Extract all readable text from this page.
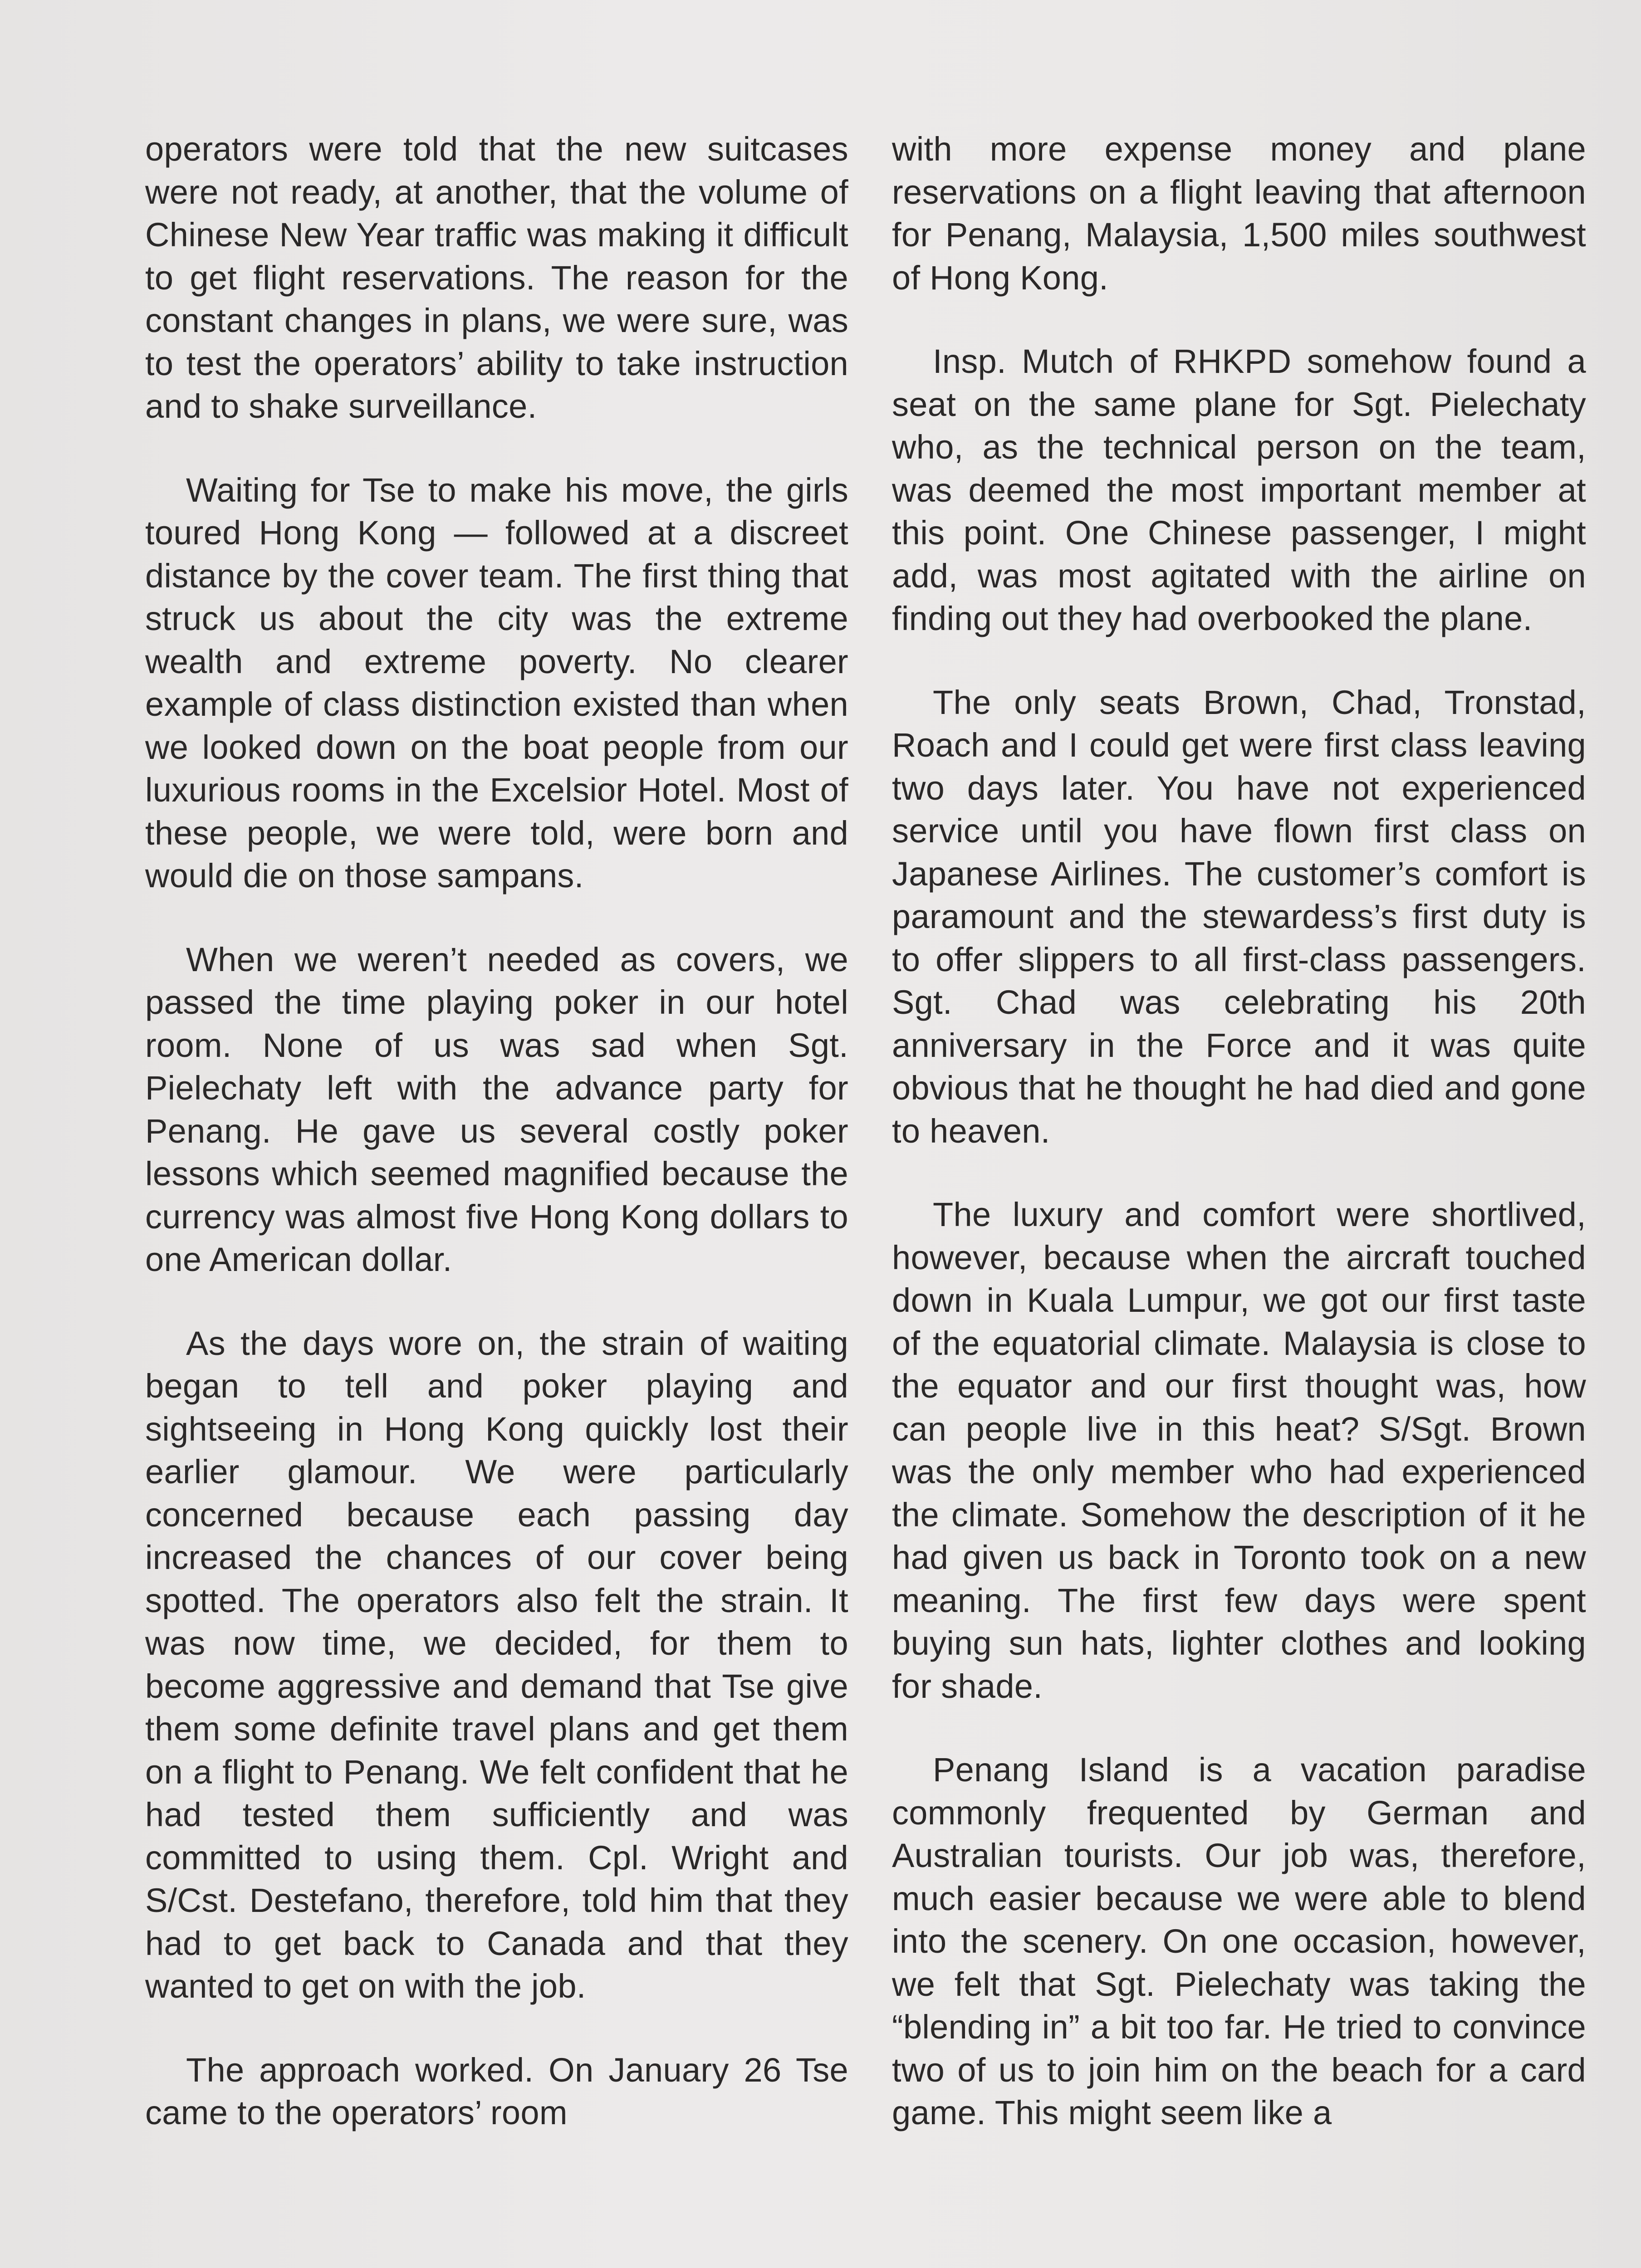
operators were told that the new suitcases were not ready, at another, that the volume of Chinese New Year traffic was making it difficult to get flight reservations. The reason for the constant changes in plans, we were sure, was to test the operators’ ability to take instruction and to shake surveillance.

Waiting for Tse to make his move, the girls toured Hong Kong — followed at a discreet distance by the cover team. The first thing that struck us about the city was the extreme wealth and extreme poverty. No clearer example of class distinction existed than when we looked down on the boat people from our luxurious rooms in the Excelsior Hotel. Most of these people, we were told, were born and would die on those sampans.

When we weren’t needed as covers, we passed the time playing poker in our hotel room. None of us was sad when Sgt. Pielechaty left with the advance party for Penang. He gave us several costly poker lessons which seemed magnified because the currency was almost five Hong Kong dollars to one American dollar.

As the days wore on, the strain of waiting began to tell and poker playing and sightseeing in Hong Kong quickly lost their earlier glamour. We were particularly concerned because each passing day increased the chances of our cover being spotted. The operators also felt the strain. It was now time, we decided, for them to become aggressive and demand that Tse give them some definite travel plans and get them on a flight to Penang. We felt confident that he had tested them sufficiently and was committed to using them. Cpl. Wright and S/Cst. Destefano, therefore, told him that they had to get back to Canada and that they wanted to get on with the job.

The approach worked. On January 26 Tse came to the operators’ room

with more expense money and plane reservations on a flight leaving that afternoon for Penang, Malaysia, 1,500 miles southwest of Hong Kong.

Insp. Mutch of RHKPD somehow found a seat on the same plane for Sgt. Pielechaty who, as the technical person on the team, was deemed the most important member at this point. One Chinese passenger, I might add, was most agitated with the airline on finding out they had overbooked the plane.

The only seats Brown, Chad, Tronstad, Roach and I could get were first class leaving two days later. You have not experienced service until you have flown first class on Japanese Airlines. The customer’s comfort is paramount and the stewardess’s first duty is to offer slippers to all first-class passengers. Sgt. Chad was celebrating his 20th anniversary in the Force and it was quite obvious that he thought he had died and gone to heaven.

The luxury and comfort were shortlived, however, because when the aircraft touched down in Kuala Lumpur, we got our first taste of the equatorial climate. Malaysia is close to the equator and our first thought was, how can people live in this heat? S/Sgt. Brown was the only member who had experienced the climate. Somehow the description of it he had given us back in Toronto took on a new meaning. The first few days were spent buying sun hats, lighter clothes and looking for shade.

Penang Island is a vacation paradise commonly frequented by German and Australian tourists. Our job was, therefore, much easier because we were able to blend into the scenery. On one occasion, however, we felt that Sgt. Pielechaty was taking the “blending in” a bit too far. He tried to convince two of us to join him on the beach for a card game. This might seem like a
